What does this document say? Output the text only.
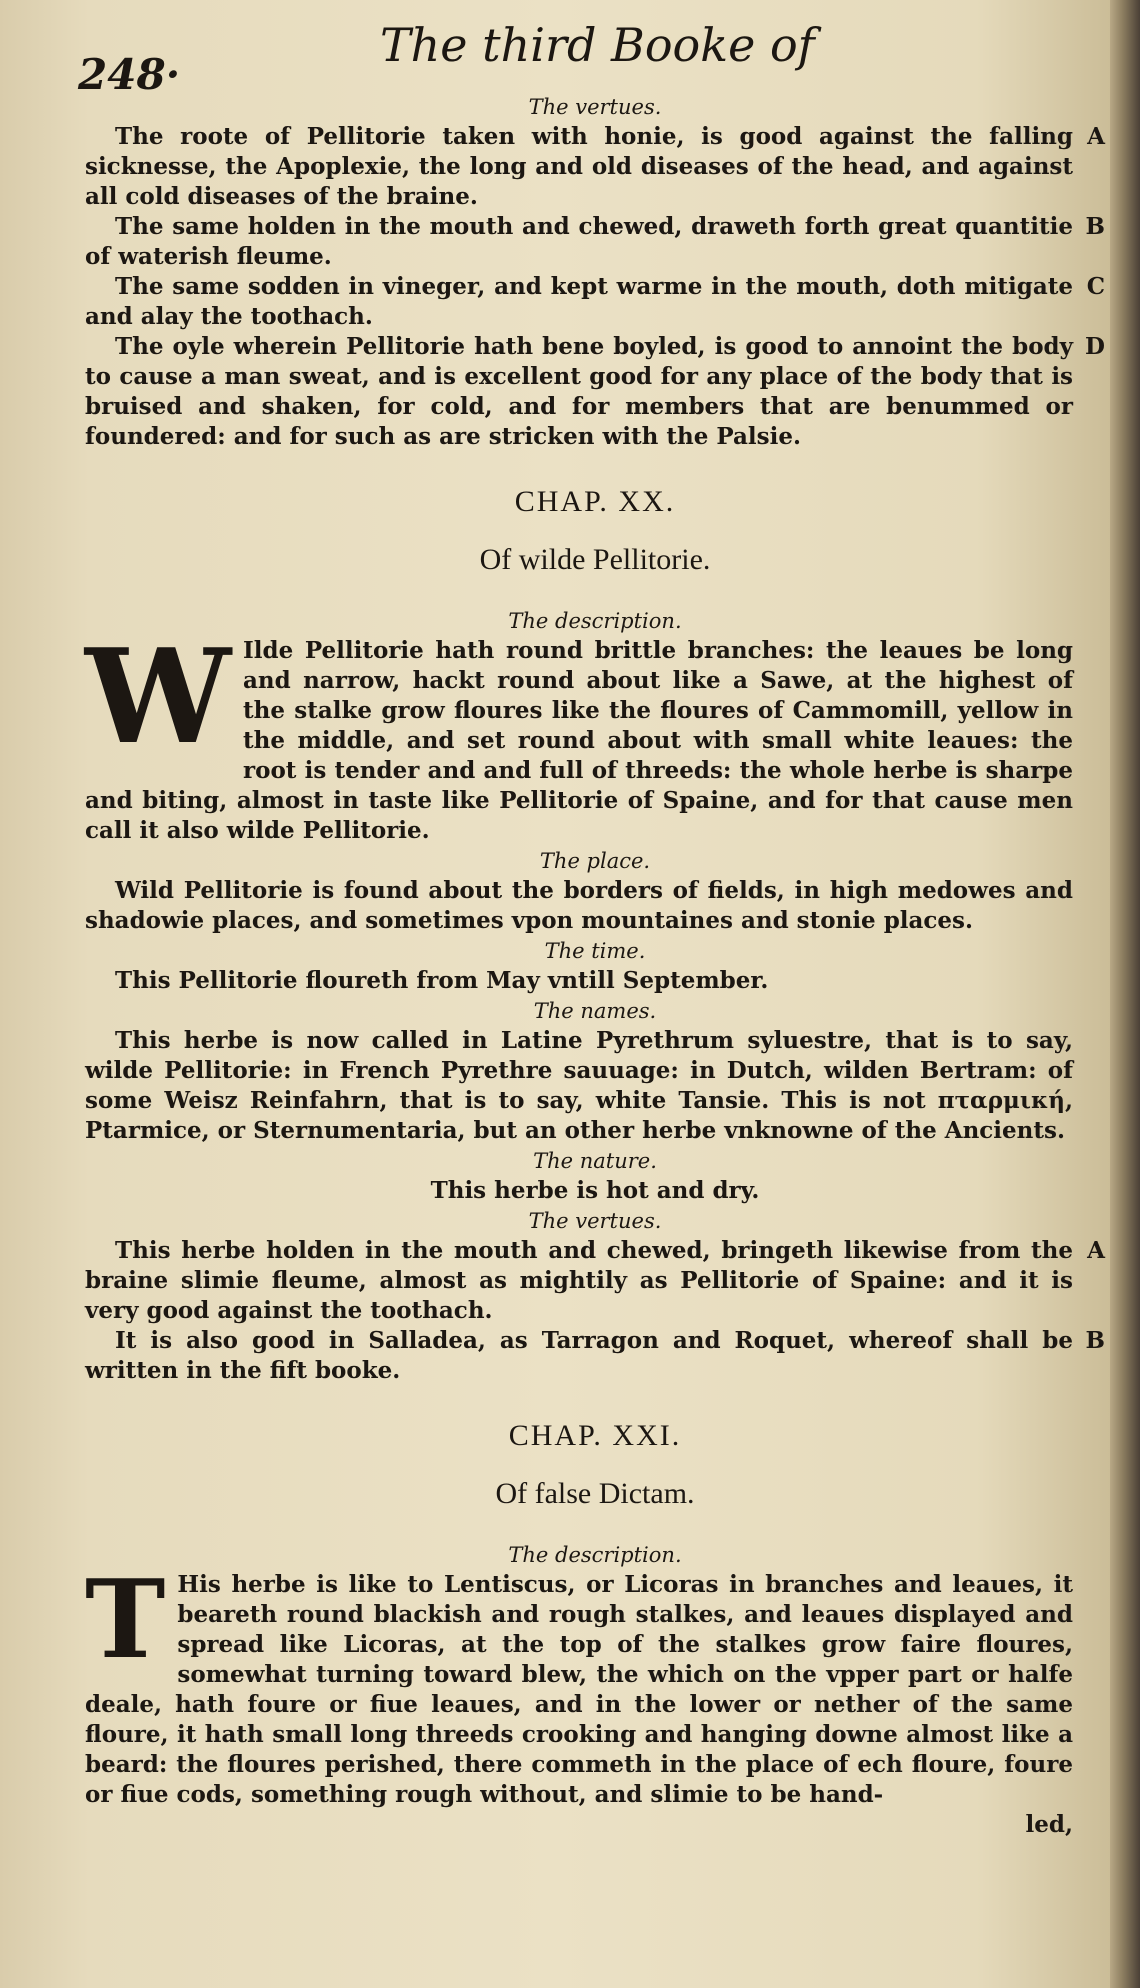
248·
The third Booke of

The vertues.

The roote of Pellitorie taken with honie, is good against the falling sicknesse, the Apoplexie, the long and old diseases of the head, and against all cold diseases of the braine.
A

The same holden in the mouth and chewed, draweth forth great quantitie of waterish fleume.
B

The same sodden in vineger, and kept warme in the mouth, doth mitigate and alay the toothach.
C

The oyle wherein Pellitorie hath bene boyled, is good to annoint the body to cause a man sweat, and is excellent good for any place of the body that is bruised and shaken, for cold, and for members that are benummed or foundered: and for such as are stricken with the Palsie.
D

CHAP. XX.
Of wilde Pellitorie.

The description.

W Ilde Pellitorie hath round brittle branches: the leaues be long and narrow, hackt round about like a Sawe, at the highest of the stalke grow floures like the floures of Cammomill, yellow in the middle, and set round about with small white leaues: the root is tender and and full of threeds: the whole herbe is sharpe and biting, almost in taste like Pellitorie of Spaine, and for that cause men call it also wilde Pellitorie.

The place.

Wild Pellitorie is found about the borders of fields, in high medowes and shadowie places, and sometimes vpon mountaines and stonie places.

The time.

This Pellitorie floureth from May vntill September.

The names.

This herbe is now called in Latine Pyrethrum syluestre, that is to say, wilde Pellitorie: in French Pyrethre sauuage: in Dutch, wilden Bertram: of some Weisz Reinfahrn, that is to say, white Tansie. This is not πταρμική, Ptarmice, or Sternumentaria, but an other herbe vnknowne of the Ancients.

The nature.

This herbe is hot and dry.

The vertues.

This herbe holden in the mouth and chewed, bringeth likewise from the braine slimie fleume, almost as mightily as Pellitorie of Spaine: and it is very good against the toothach.
A

It is also good in Salladea, as Tarragon and Roquet, whereof shall be written in the fift booke.
B

CHAP. XXI.
Of false Dictam.

The description.

T His herbe is like to Lentiscus, or Licoras in branches and leaues, it beareth round blackish and rough stalkes, and leaues displayed and spread like Licoras, at the top of the stalkes grow faire floures, somewhat turning toward blew, the which on the vpper part or halfe deale, hath foure or fiue leaues, and in the lower or nether of the same floure, it hath small long threeds crooking and hanging downe almost like a beard: the floures perished, there commeth in the place of ech floure, foure or fiue cods, something rough without, and slimie to be hand-

led,
